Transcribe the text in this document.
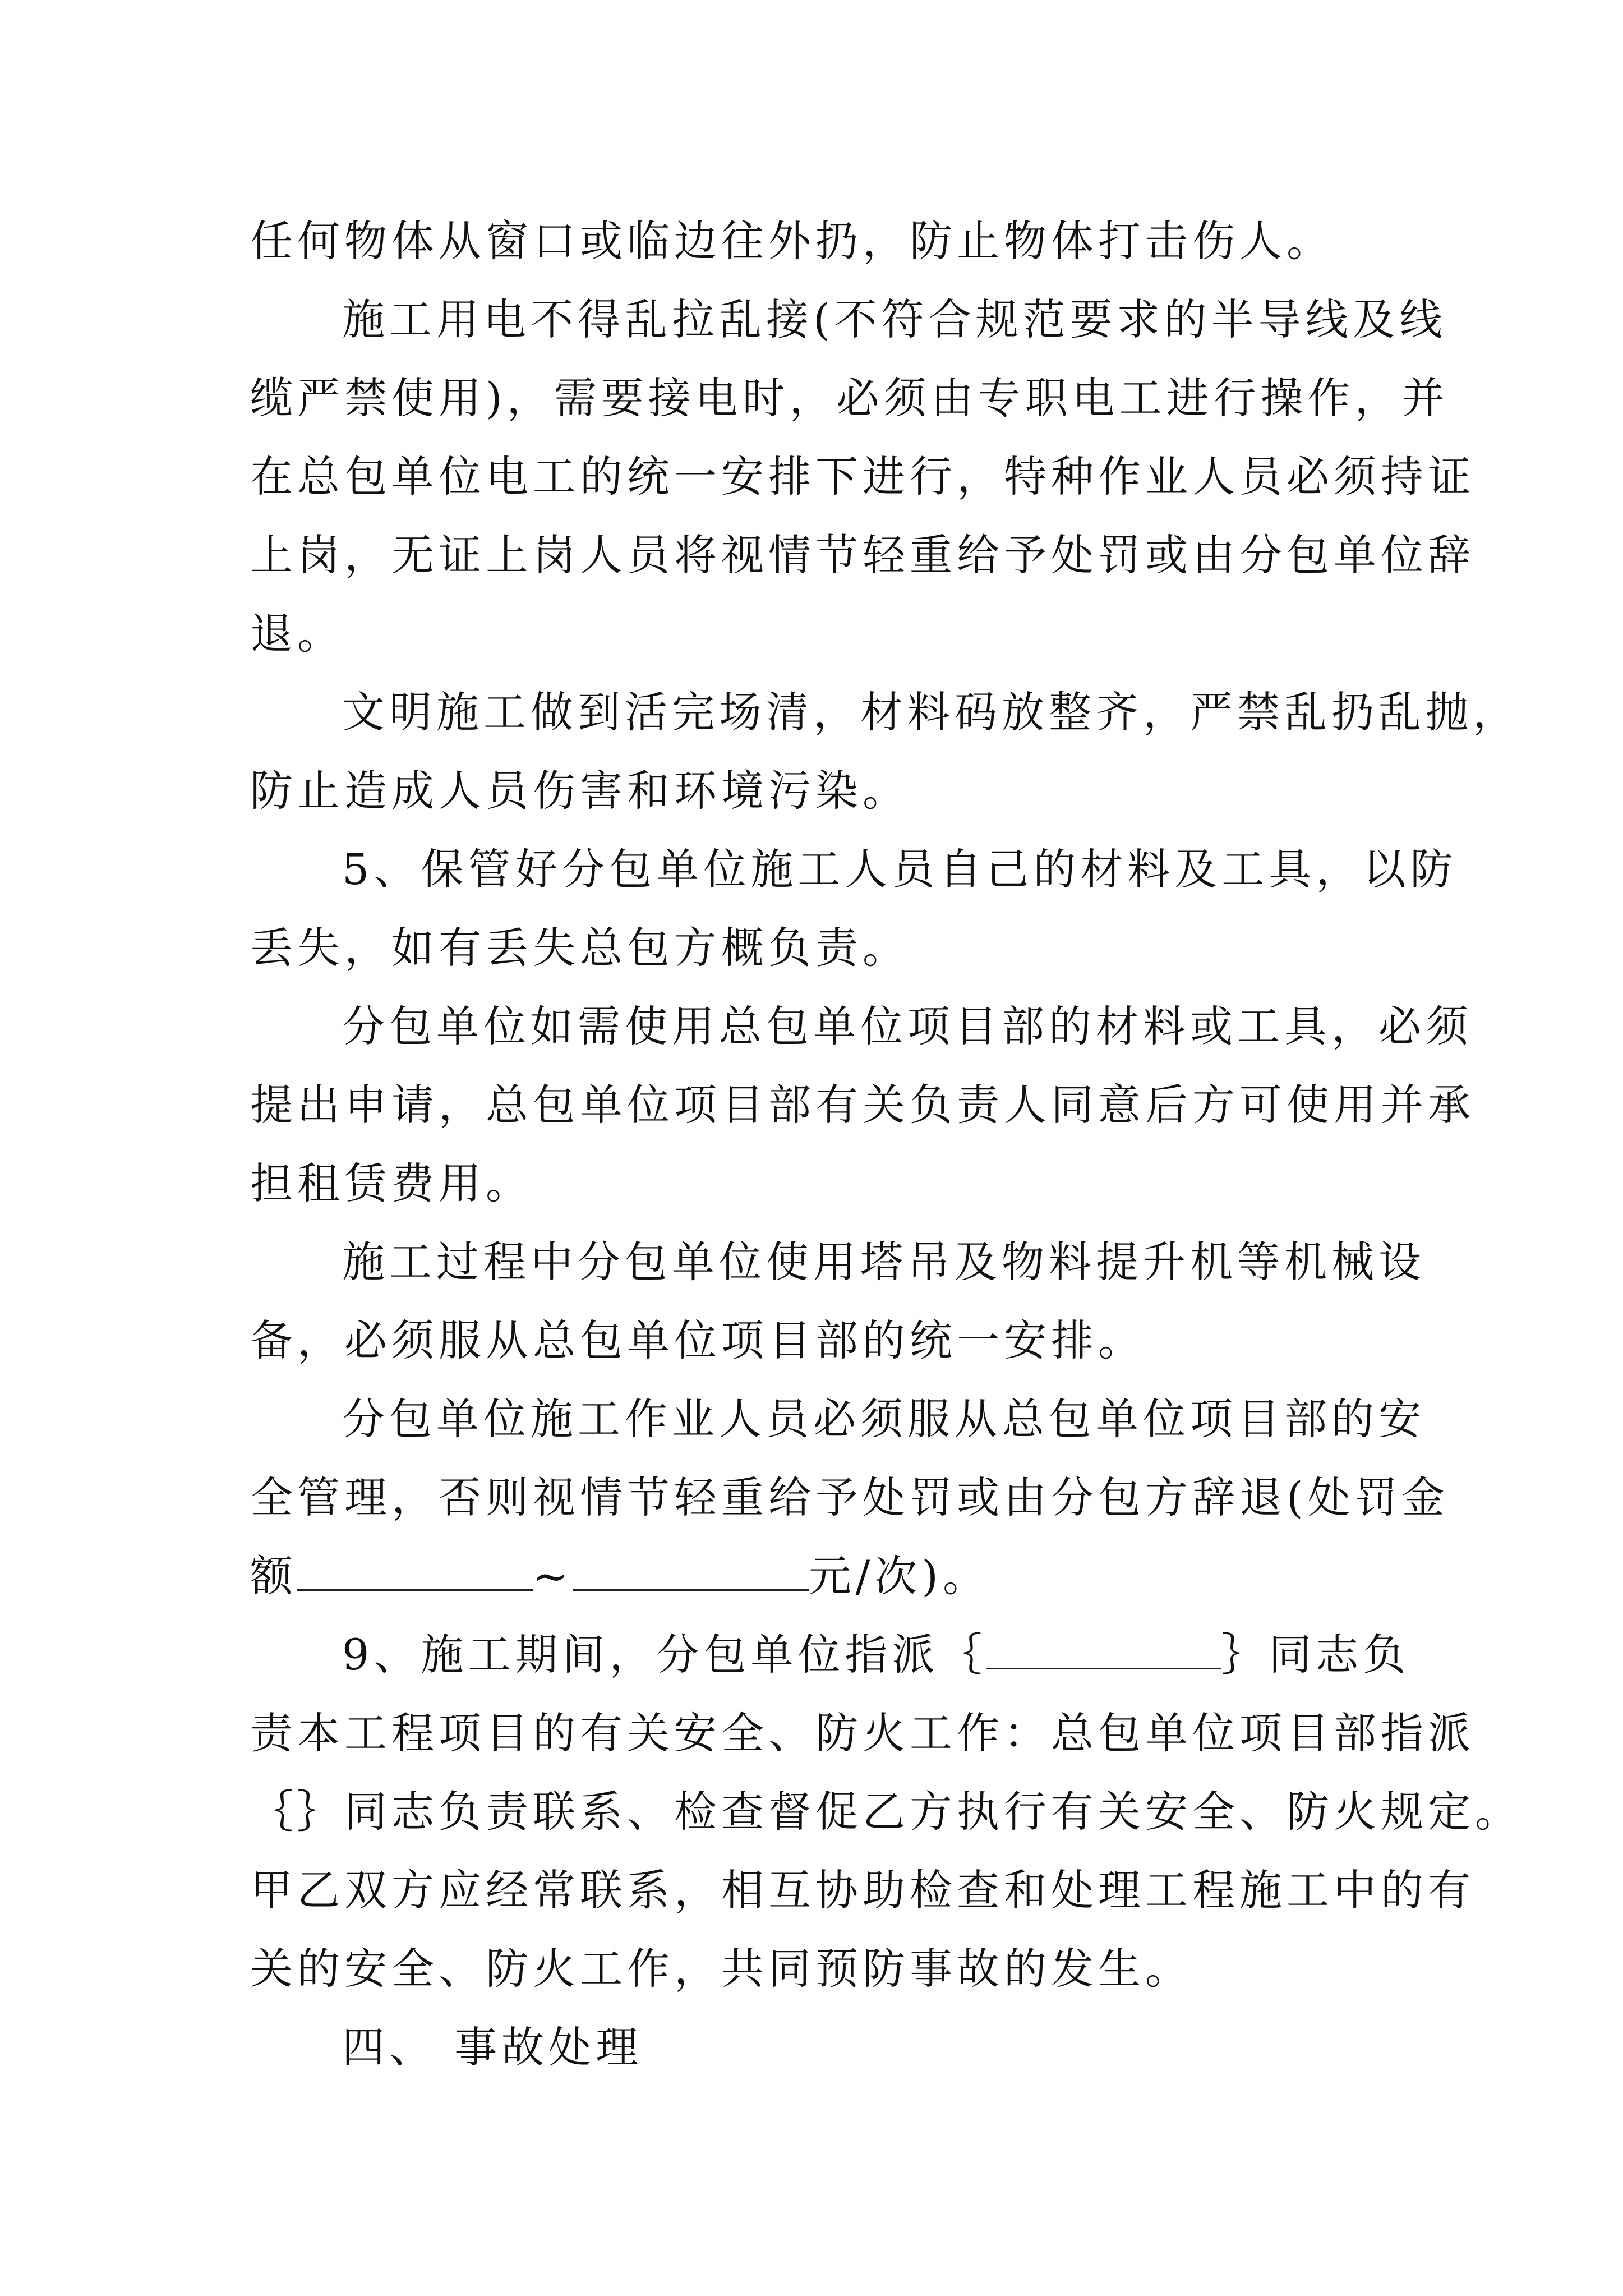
任何物体从窗口或临边往外扔，防止物体打击伤人。
施工用电不得乱拉乱接(不符合规范要求的半导线及线
缆严禁使用)，需要接电时，必须由专职电工进行操作，并
在总包单位电工的统一安排下进行，特种作业人员必须持证
上岗，无证上岗人员将视情节轻重给予处罚或由分包单位辞
退。
文明施工做到活完场清，材料码放整齐，严禁乱扔乱抛，
防止造成人员伤害和环境污染。
5、保管好分包单位施工人员自己的材料及工具，以防
丢失，如有丢失总包方概负责。
分包单位如需使用总包单位项目部的材料或工具，必须
提出申请，总包单位项目部有关负责人同意后方可使用并承
担租赁费用。
施工过程中分包单位使用塔吊及物料提升机等机械设
备，必须服从总包单位项目部的统一安排。
分包单位施工作业人员必须服从总包单位项目部的安
全管理，否则视情节轻重给予处罚或由分包方辞退(处罚金
额	~	元/次)。
9、施工期间，分包单位指派｛	｝同志负
责本工程项目的有关安全、防火工作：总包单位项目部指派
｛｝同志负责联系、检查督促乙方执行有关安全、防火规定。
甲乙双方应经常联系，相互协助检查和处理工程施工中的有
关的安全、防火工作，共同预防事故的发生。
四、 事故处理
